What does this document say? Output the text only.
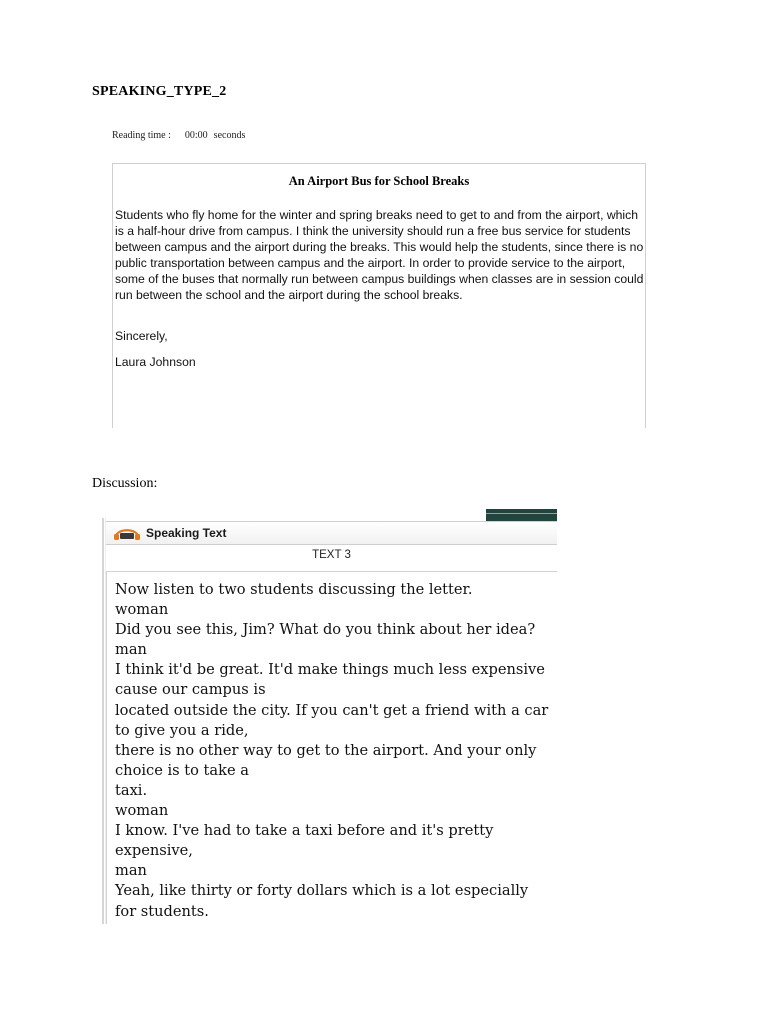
SPEAKING_TYPE_2
Reading time : 00:00 seconds
An Airport Bus for School Breaks
Students who fly home for the winter and spring breaks need to get to and from the airport, which is a half-hour drive from campus. I think the university should run a free bus service for students between campus and the airport during the breaks. This would help the students, since there is no public transportation between campus and the airport. In order to provide service to the airport, some of the buses that normally run between campus buildings when classes are in session could run between the school and the airport during the school breaks.
Sincerely,
Laura Johnson
Discussion:
Speaking Text
TEXT 3
Now listen to two students discussing the letter.
woman
Did you see this, Jim? What do you think about her idea?
man
I think it'd be great. It'd make things much less expensive
cause our campus is
located outside the city. If you can't get a friend with a car
to give you a ride,
there is no other way to get to the airport. And your only
choice is to take a
taxi.
woman
I know. I've had to take a taxi before and it's pretty
expensive,
man
Yeah, like thirty or forty dollars which is a lot especially
for students.
